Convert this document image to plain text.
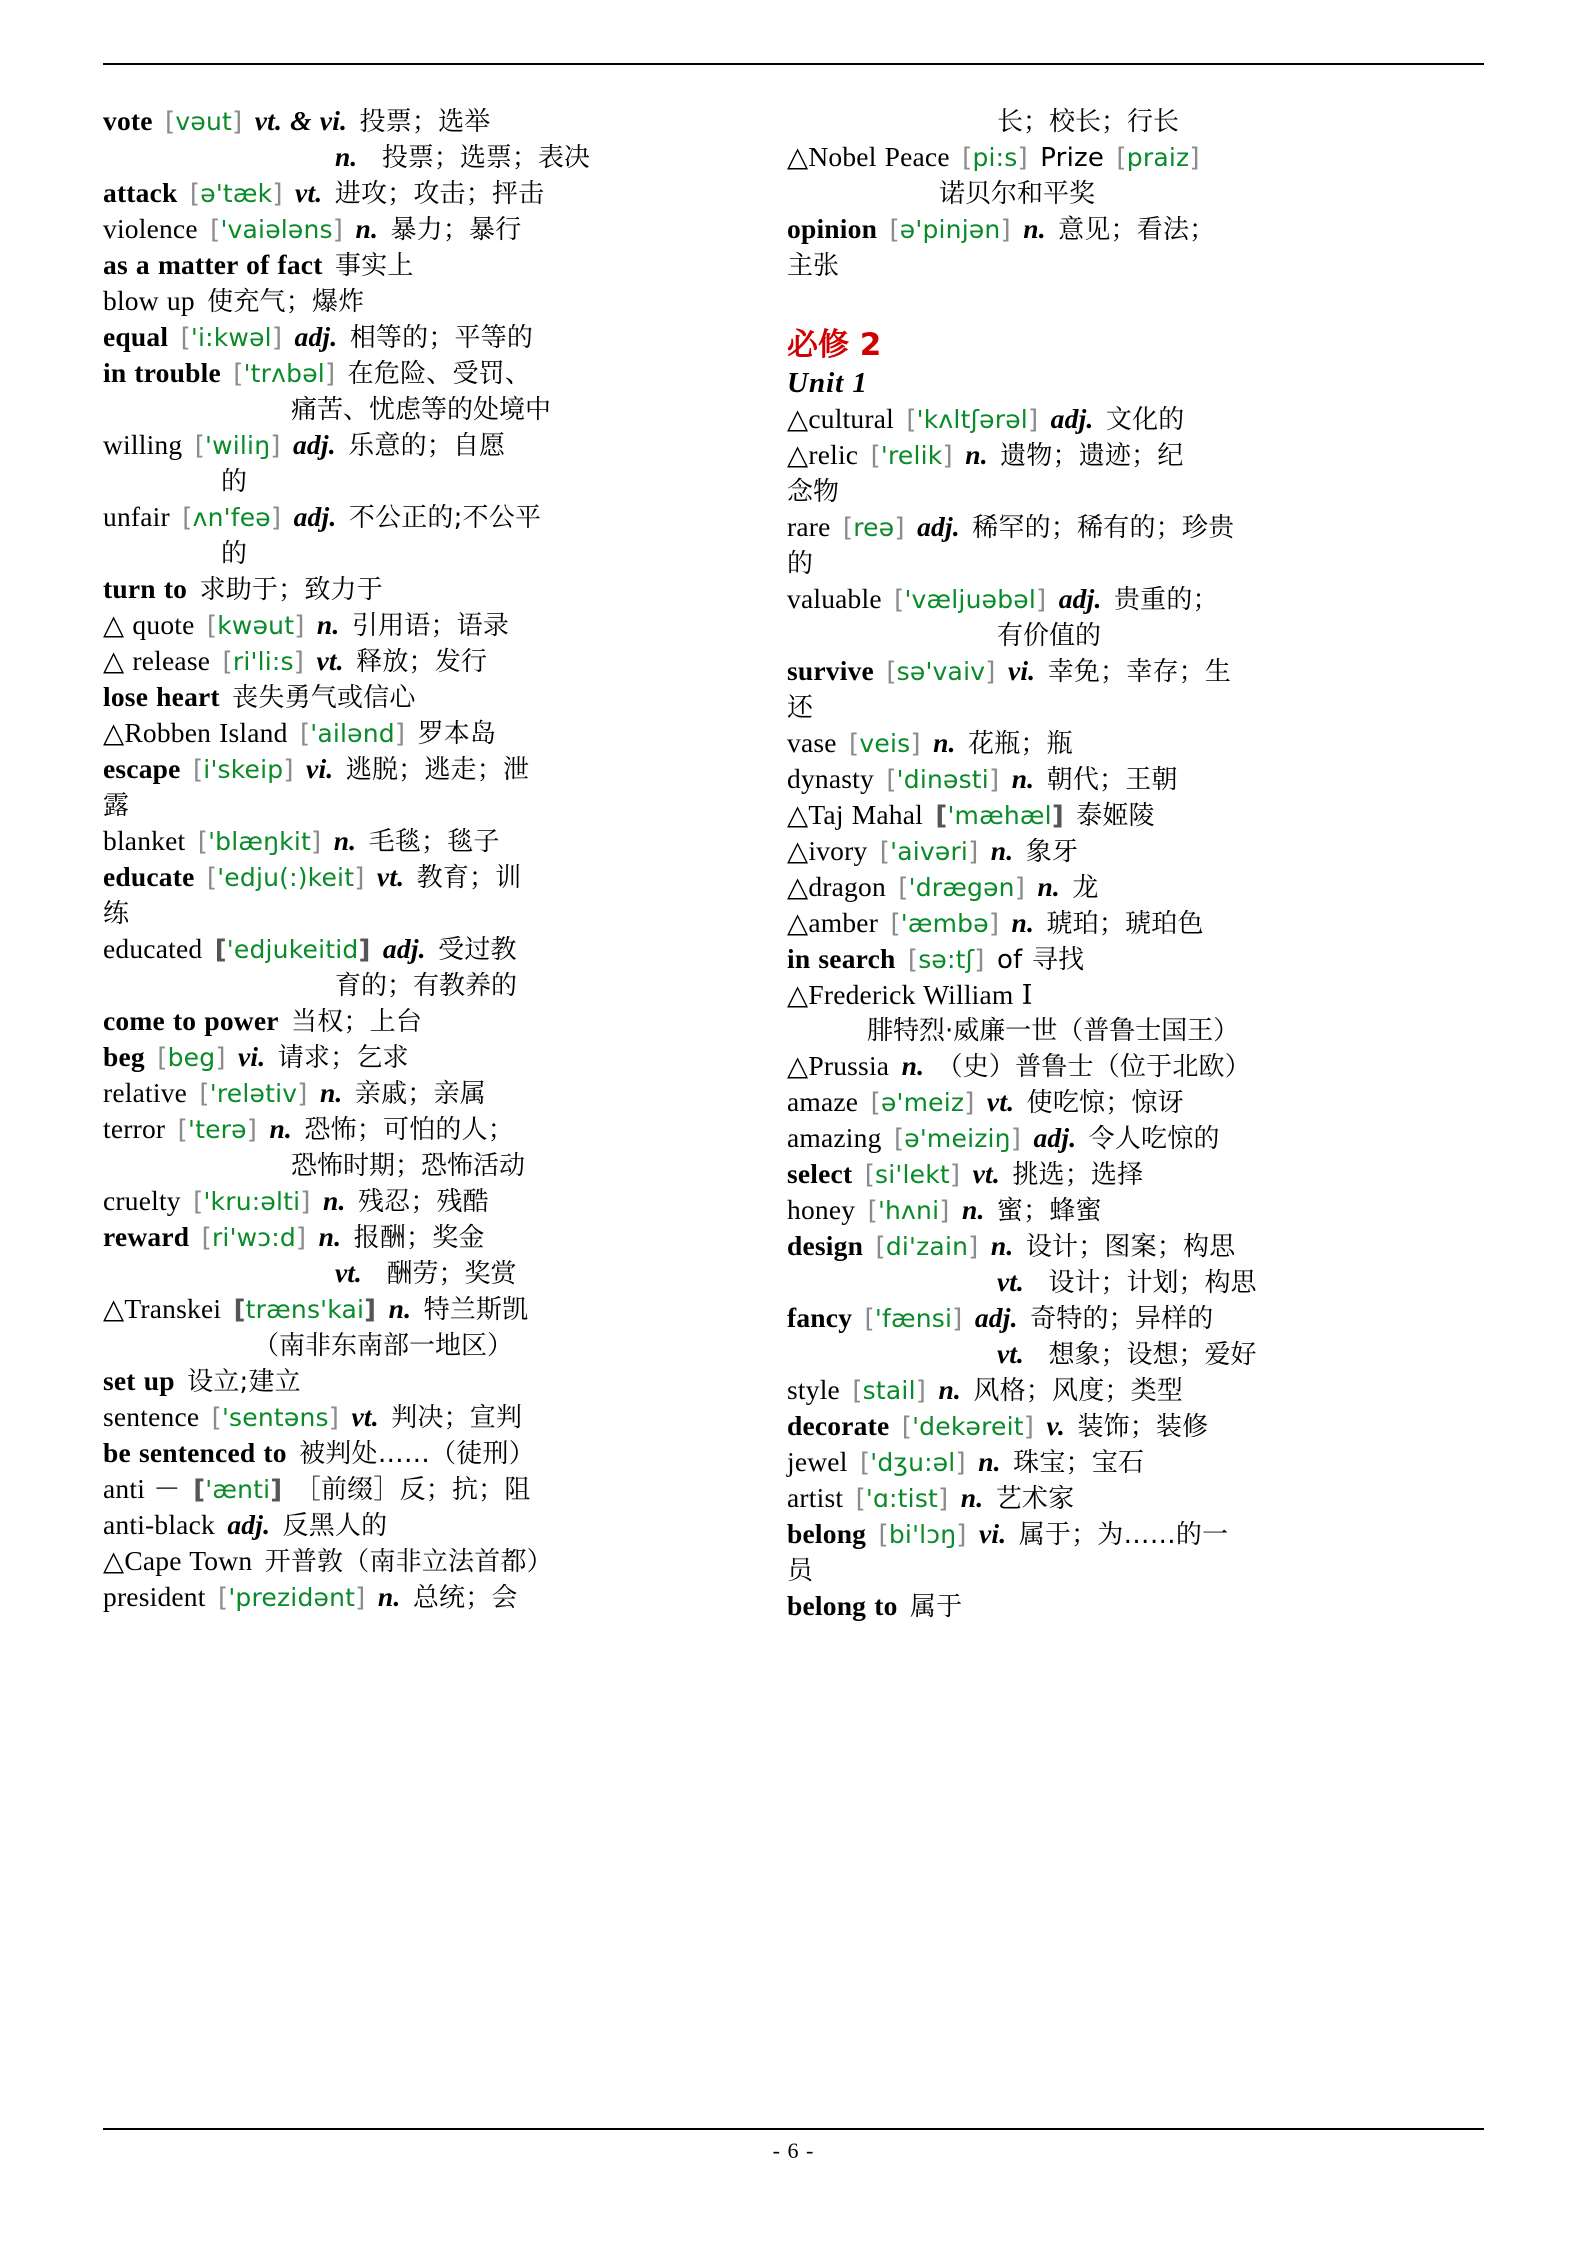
vote [vəut] vt. & vi. 投票；选举
n. 投票；选票；表决
attack [ə'tæk] vt. 进攻；攻击；抨击
violence ['vaiələns] n. 暴力；暴行
as a matter of fact 事实上
blow up 使充气；爆炸
equal ['i:kwəl] adj. 相等的；平等的
in trouble ['trʌbəl] 在危险、受罚、
痛苦、忧虑等的处境中
willing ['wiliŋ] adj. 乐意的；自愿
的
unfair [ʌn'feə] adj. 不公正的;不公平
的
turn to 求助于；致力于
△ quote [kwəut] n. 引用语；语录
△ release [ri'li:s] vt. 释放；发行
lose heart 丧失勇气或信心
△Robben Island ['ailənd] 罗本岛
escape [i'skeip] vi. 逃脱；逃走；泄
露
blanket ['blæŋkit] n. 毛毯；毯子
educate ['edju(:)keit] vt. 教育；训
练
educated ['edjukeitid] adj. 受过教
育的；有教养的
come to power 当权；上台
beg [beg] vi. 请求；乞求
relative ['relətiv] n. 亲戚；亲属
terror ['terə] n. 恐怖；可怕的人；
恐怖时期；恐怖活动
cruelty ['kru:əlti] n. 残忍；残酷
reward [ri'wɔ:d] n. 报酬；奖金
vt. 酬劳；奖赏
△Transkei [træns'kai] n. 特兰斯凯
（南非东南部一地区）
set up 设立;建立
sentence ['sentəns] vt. 判决；宣判
be sentenced to 被判处……（徒刑）
anti － ['ænti] ［前缀］反；抗；阻
anti-black adj. 反黑人的
△Cape Town 开普敦（南非立法首都）
president ['prezidənt] n. 总统；会
长；校长；行长
△Nobel Peace [pi:s] Prize [praiz]
诺贝尔和平奖
opinion [ə'pinjən] n. 意见；看法；
主张
必修 2
Unit 1
△cultural ['kʌltʃərəl] adj. 文化的
△relic ['relik] n. 遗物；遗迹；纪
念物
rare [reə] adj. 稀罕的；稀有的；珍贵
的
valuable ['væljuəbəl] adj. 贵重的；
有价值的
survive [sə'vaiv] vi. 幸免；幸存；生
还
vase [veis] n. 花瓶；瓶
dynasty ['dinəsti] n. 朝代；王朝
△Taj Mahal ['mæhæl] 泰姬陵
△ivory ['aivəri] n. 象牙
△dragon ['drægən] n. 龙
△amber ['æmbə] n. 琥珀；琥珀色
in search [sə:tʃ] of 寻找
△Frederick William Ⅰ
腓特烈·威廉一世（普鲁士国王）
△Prussia n. （史）普鲁士（位于北欧）
amaze [ə'meiz] vt. 使吃惊；惊讶
amazing [ə'meiziŋ] adj. 令人吃惊的
select [si'lekt] vt. 挑选；选择
honey ['hʌni] n. 蜜；蜂蜜
design [di'zain] n. 设计；图案；构思
vt. 设计；计划；构思
fancy ['fænsi] adj. 奇特的；异样的
vt. 想象；设想；爱好
style [stail] n. 风格；风度；类型
decorate ['dekəreit] v. 装饰；装修
jewel ['dʒu:əl] n. 珠宝；宝石
artist ['ɑ:tist] n. 艺术家
belong [bi'lɔŋ] vi. 属于；为……的一
员
belong to 属于
- 6 -
